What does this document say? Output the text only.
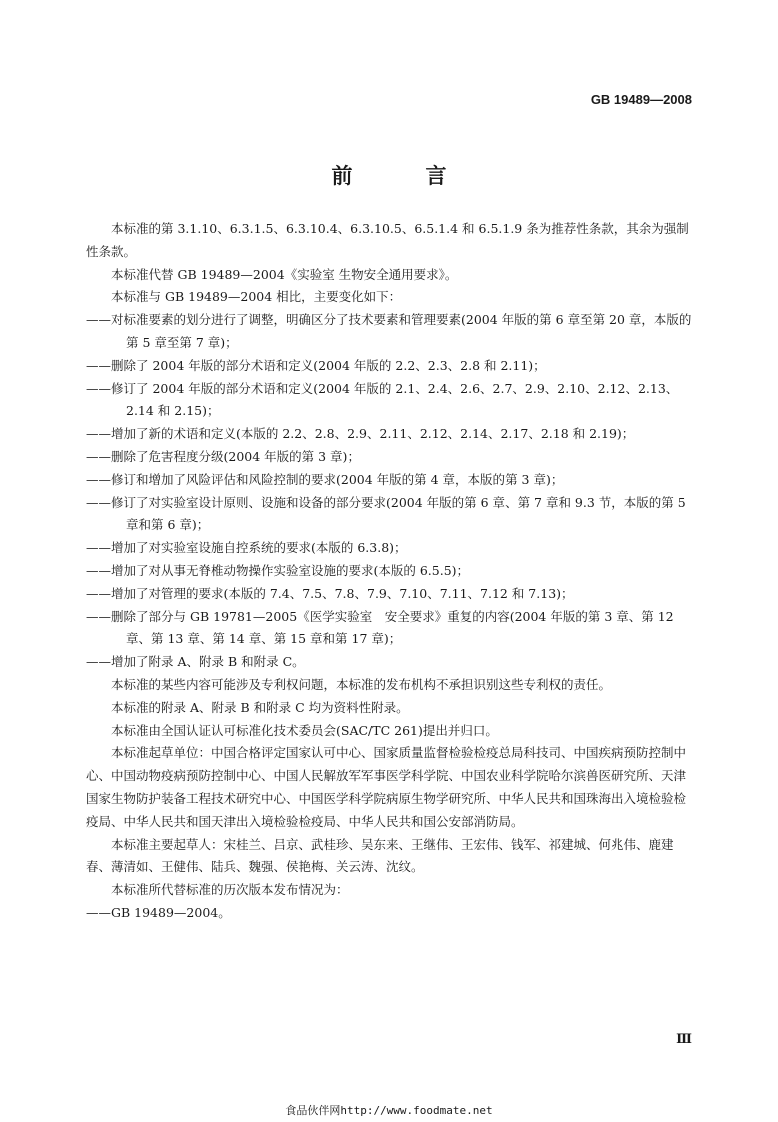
GB 19489—2008
前　言

本标准的第 3.1.10、6.3.1.5、6.3.10.4、6.3.10.5、6.5.1.4 和 6.5.1.9 条为推荐性条款，其余为强制性条款。

本标准代替 GB 19489—2004《实验室 生物安全通用要求》。

本标准与 GB 19489—2004 相比，主要变化如下：

——对标准要素的划分进行了调整，明确区分了技术要素和管理要素(2004 年版的第 6 章至第 20 章，本版的第 5 章至第 7 章)；

——删除了 2004 年版的部分术语和定义(2004 年版的 2.2、2.3、2.8 和 2.11)；

——修订了 2004 年版的部分术语和定义(2004 年版的 2.1、2.4、2.6、2.7、2.9、2.10、2.12、2.13、2.14 和 2.15)；

——增加了新的术语和定义(本版的 2.2、2.8、2.9、2.11、2.12、2.14、2.17、2.18 和 2.19)；

——删除了危害程度分级(2004 年版的第 3 章)；

——修订和增加了风险评估和风险控制的要求(2004 年版的第 4 章，本版的第 3 章)；

——修订了对实验室设计原则、设施和设备的部分要求(2004 年版的第 6 章、第 7 章和 9.3 节，本版的第 5 章和第 6 章)；

——增加了对实验室设施自控系统的要求(本版的 6.3.8)；

——增加了对从事无脊椎动物操作实验室设施的要求(本版的 6.5.5)；

——增加了对管理的要求(本版的 7.4、7.5、7.8、7.9、7.10、7.11、7.12 和 7.13)；

——删除了部分与 GB 19781—2005《医学实验室　安全要求》重复的内容(2004 年版的第 3 章、第 12 章、第 13 章、第 14 章、第 15 章和第 17 章)；

——增加了附录 A、附录 B 和附录 C。

本标准的某些内容可能涉及专利权问题，本标准的发布机构不承担识别这些专利权的责任。

本标准的附录 A、附录 B 和附录 C 均为资料性附录。

本标准由全国认证认可标准化技术委员会(SAC/TC 261)提出并归口。

本标准起草单位：中国合格评定国家认可中心、国家质量监督检验检疫总局科技司、中国疾病预防控制中心、中国动物疫病预防控制中心、中国人民解放军军事医学科学院、中国农业科学院哈尔滨兽医研究所、天津国家生物防护装备工程技术研究中心、中国医学科学院病原生物学研究所、中华人民共和国珠海出入境检验检疫局、中华人民共和国天津出入境检验检疫局、中华人民共和国公安部消防局。

本标准主要起草人：宋桂兰、吕京、武桂珍、吴东来、王继伟、王宏伟、钱军、祁建城、何兆伟、鹿建春、薄清如、王健伟、陆兵、魏强、侯艳梅、关云涛、沈纹。

本标准所代替标准的历次版本发布情况为：

——GB 19489—2004。

Ⅲ
食品伙伴网http://www.foodmate.net
